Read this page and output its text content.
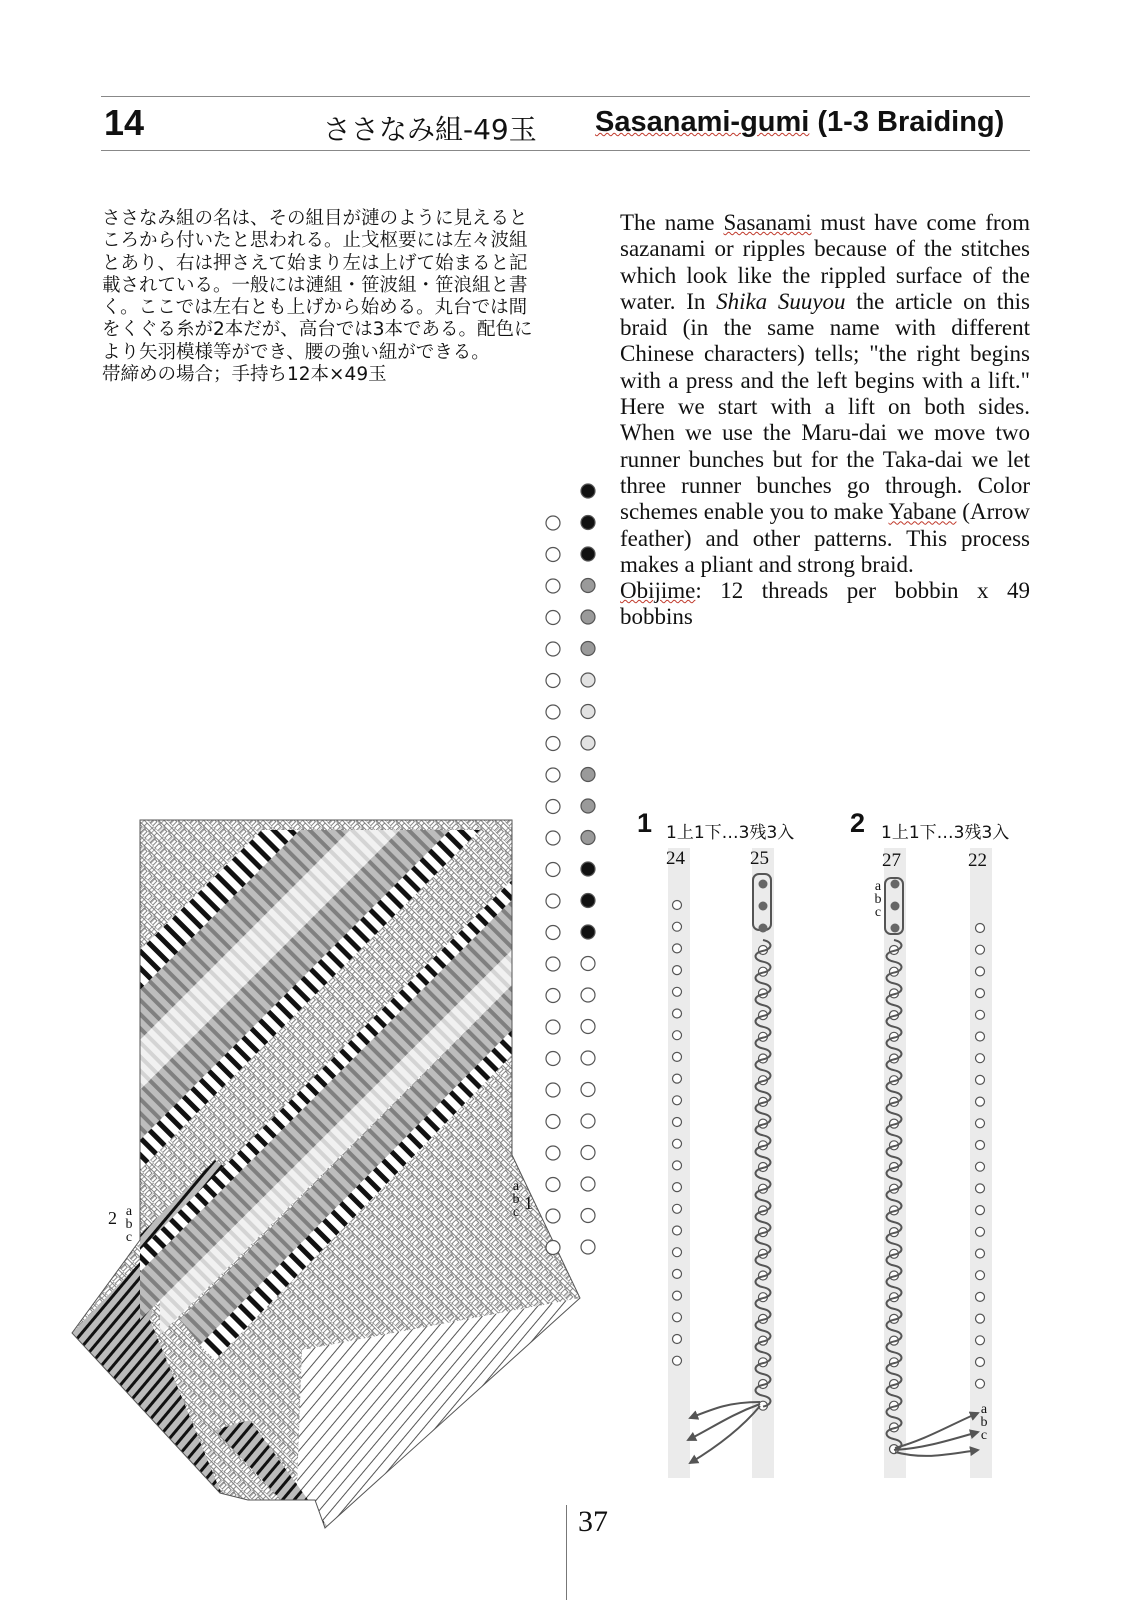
14	ささなみ組-49玉 Sasanami-gumi (1-3 Braiding)

ささなみ組の名は、その組目が漣のように見えるところから付いたと思われる。止戈枢要には左々波組とあり、右は押さえて始まり左は上げて始まると記載されている。一般には漣組・笹波組・笹浪組と書く。ここでは左右とも上げから始める。丸台では間をくぐる糸が2本だが、高台では3本である。配色により矢羽模様等ができ、腰の強い紐ができる。

帯締めの場合；手持ち12本×49玉

The name Sasanami must have come from sazanami or ripples because of the stitches which look like the rippled surface of the water. In Shika Suuyou the article on this braid (in the same name with different Chinese characters) tells; "the right begins with a press and the left begins with a lift." Here we start with a lift on both sides. When we use the Maru-dai we move two runner bunches but for the Taka-dai we let three runner bunches go through. Color schemes enable you to make Yabane (Arrow feather) and other patterns. This process makes a pliant and strong braid.

Obijime: 12 threads per bobbin x 49 bobbins

2 a
b
c
a
b
c 1
1 1上1下…3残3入
24	25
2 1上1下…3残3入
27	22
a
b
c
a
b
c
37
